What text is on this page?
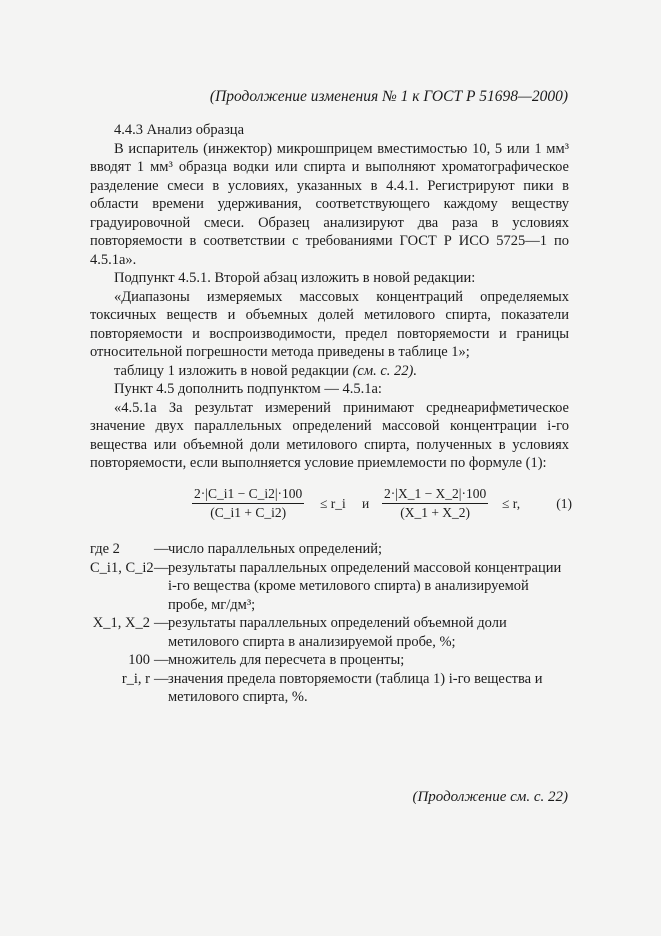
(Продолжение изменения № 1 к ГОСТ Р 51698—2000)

4.4.3 Анализ образца

В испаритель (инжектор) микрошприцем вместимостью 10, 5 или 1 мм³ вводят 1 мм³ образца водки или спирта и выполняют хроматографическое разделение смеси в условиях, указанных в 4.4.1. Регистрируют пики в области времени удерживания, соответствующего каждому веществу градуировочной смеси. Образец анализируют два раза в условиях повторяемости в соответствии с требованиями ГОСТ Р ИСО 5725—1 по 4.5.1а».

Подпункт 4.5.1. Второй абзац изложить в новой редакции:

«Диапазоны измеряемых массовых концентраций определяемых токсичных веществ и объемных долей метилового спирта, показатели повторяемости и воспроизводимости, предел повторяемости и границы относительной погрешности метода приведены в таблице 1»;

таблицу 1 изложить в новой редакции (см. с. 22).

Пункт 4.5 дополнить подпунктом — 4.5.1а:

«4.5.1а За результат измерений принимают среднеарифметическое значение двух параллельных определений массовой концентрации i-го вещества или объемной доли метилового спирта, полученных в условиях повторяемости, если выполняется условие приемлемости по формуле (1):

$\frac{2\cdot|C\_i1 - C\_i2|\cdot 100}{(C\_i1 + C\_i2)}$ ≤ r_i и $\frac{2\cdot|X\_1 - X\_2|\cdot 100}{(X\_1 + X\_2)} \le r$,	(1)
где 2	— число параллельных определений;
C_i1, C_i2 — результаты параллельных определений массовой концентрации i-го вещества (кроме метилового спирта) в анализируемой пробе, мг/дм³;
X_1, X_2 — результаты параллельных определений объемной доли метилового спирта в анализируемой пробе, %;
100 — множитель для пересчета в проценты;
r_i, r — значения предела повторяемости (таблица 1) i-го вещества и метилового спирта, %.
(Продолжение см. с. 22)
